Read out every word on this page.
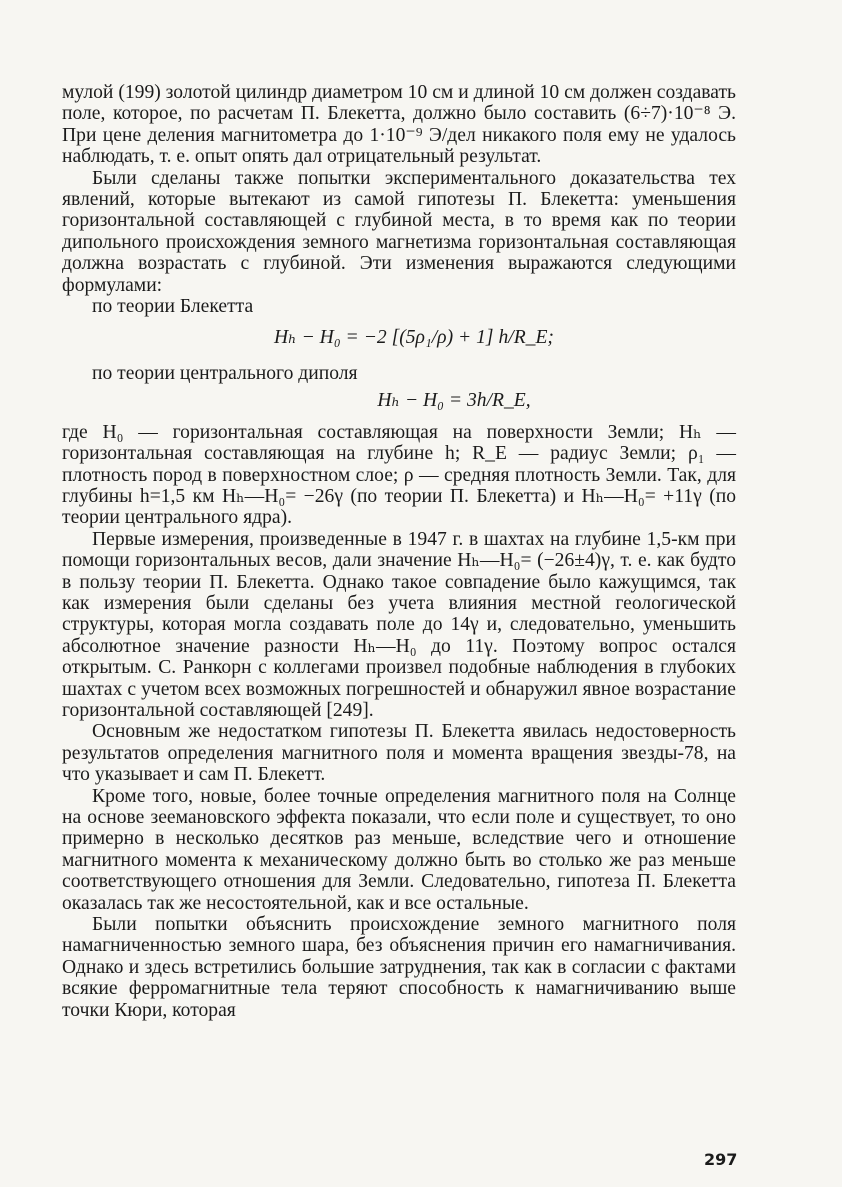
мулой (199) золотой цилиндр диаметром 10 см и длиной 10 см должен создавать поле, которое, по расчетам П. Блекетта, должно было составить (6÷7)·10⁻⁸ Э. При цене деления магнитометра до 1·10⁻⁹ Э/дел никакого поля ему не удалось наблюдать, т. е. опыт опять дал отрицательный результат.

Были сделаны также попытки экспериментального доказательства тех явлений, которые вытекают из самой гипотезы П. Блекетта: уменьшения горизонтальной составляющей с глубиной места, в то время как по теории дипольного происхождения земного магнетизма горизонтальная составляющая должна возрастать с глубиной. Эти изменения выражаются следующими формулами:

по теории Блекетта

Hₕ − H₀ = −2 [(5ρ₁/ρ) + 1] h/R_E;

по теории центрального диполя

Hₕ − H₀ = 3h/R_E,

где H₀ — горизонтальная составляющая на поверхности Земли; Hₕ — горизонтальная составляющая на глубине h; R_E — радиус Земли; ρ₁ — плотность пород в поверхностном слое; ρ — средняя плотность Земли. Так, для глубины h=1,5 км Hₕ—H₀= −26γ (по теории П. Блекетта) и Hₕ—H₀= +11γ (по теории центрального ядра).

Первые измерения, произведенные в 1947 г. в шахтах на глубине 1,5-км при помощи горизонтальных весов, дали значение Hₕ—H₀= (−26±4)γ, т. е. как будто в пользу теории П. Блекетта. Однако такое совпадение было кажущимся, так как измерения были сделаны без учета влияния местной геологической структуры, которая могла создавать поле до 14γ и, следовательно, уменьшить абсолютное значение разности Hₕ—H₀ до 11γ. Поэтому вопрос остался открытым. С. Ранкорн с коллегами произвел подобные наблюдения в глубоких шахтах с учетом всех возможных погрешностей и обнаружил явное возрастание горизонтальной составляющей [249].

Основным же недостатком гипотезы П. Блекетта явилась недостоверность результатов определения магнитного поля и момента вращения звезды-78, на что указывает и сам П. Блекетт.

Кроме того, новые, более точные определения магнитного поля на Солнце на основе зеемановского эффекта показали, что если поле и существует, то оно примерно в несколько десятков раз меньше, вследствие чего и отношение магнитного момента к механическому должно быть во столько же раз меньше соответствующего отношения для Земли. Следовательно, гипотеза П. Блекетта оказалась так же несостоятельной, как и все остальные.

Были попытки объяснить происхождение земного магнитного поля намагниченностью земного шара, без объяснения причин его намагничивания. Однако и здесь встретились большие затруднения, так как в согласии с фактами всякие ферромагнитные тела теряют способность к намагничиванию выше точки Кюри, которая

297
